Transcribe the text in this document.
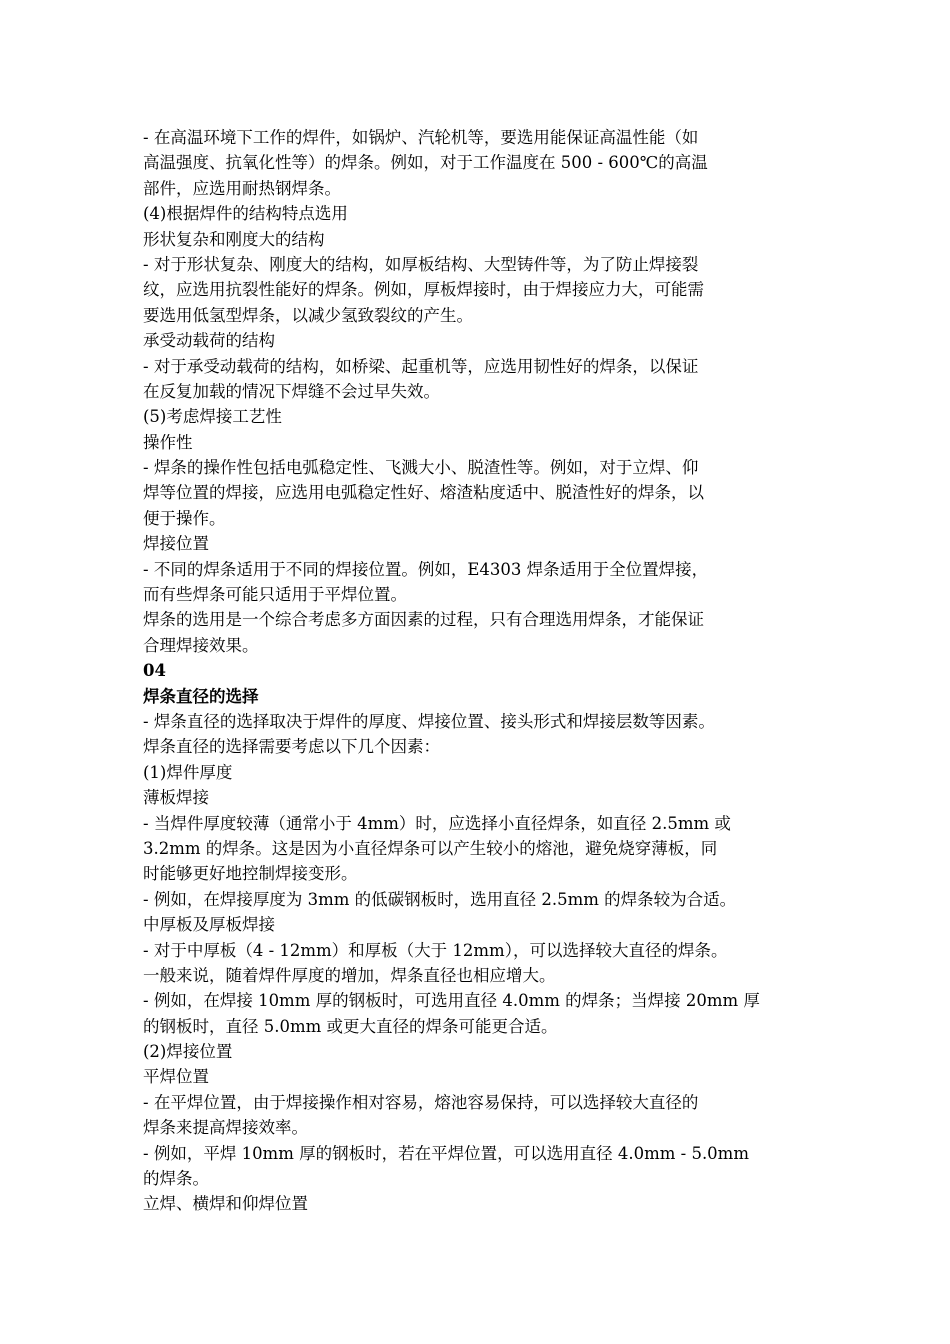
- 在高温环境下工作的焊件，如锅炉、汽轮机等，要选用能保证高温性能（如
高温强度、抗氧化性等）的焊条。例如，对于工作温度在 500 - 600℃的高温
部件，应选用耐热钢焊条。
(4)根据焊件的结构特点选用
形状复杂和刚度大的结构
- 对于形状复杂、刚度大的结构，如厚板结构、大型铸件等，为了防止焊接裂
纹，应选用抗裂性能好的焊条。例如，厚板焊接时，由于焊接应力大，可能需
要选用低氢型焊条，以减少氢致裂纹的产生。
承受动载荷的结构
- 对于承受动载荷的结构，如桥梁、起重机等，应选用韧性好的焊条，以保证
在反复加载的情况下焊缝不会过早失效。
(5)考虑焊接工艺性
操作性
- 焊条的操作性包括电弧稳定性、飞溅大小、脱渣性等。例如，对于立焊、仰
焊等位置的焊接，应选用电弧稳定性好、熔渣粘度适中、脱渣性好的焊条，以
便于操作。
焊接位置
- 不同的焊条适用于不同的焊接位置。例如，E4303 焊条适用于全位置焊接，
而有些焊条可能只适用于平焊位置。
焊条的选用是一个综合考虑多方面因素的过程，只有合理选用焊条，才能保证
合理焊接效果。
04
焊条直径的选择
- 焊条直径的选择取决于焊件的厚度、焊接位置、接头形式和焊接层数等因素。
焊条直径的选择需要考虑以下几个因素：
(1)焊件厚度
薄板焊接
- 当焊件厚度较薄（通常小于 4mm）时，应选择小直径焊条，如直径 2.5mm 或
3.2mm 的焊条。这是因为小直径焊条可以产生较小的熔池，避免烧穿薄板，同
时能够更好地控制焊接变形。
- 例如，在焊接厚度为 3mm 的低碳钢板时，选用直径 2.5mm 的焊条较为合适。
中厚板及厚板焊接
- 对于中厚板（4 - 12mm）和厚板（大于 12mm），可以选择较大直径的焊条。
一般来说，随着焊件厚度的增加，焊条直径也相应增大。
- 例如，在焊接 10mm 厚的钢板时，可选用直径 4.0mm 的焊条；当焊接 20mm 厚
的钢板时，直径 5.0mm 或更大直径的焊条可能更合适。
(2)焊接位置
平焊位置
- 在平焊位置，由于焊接操作相对容易，熔池容易保持，可以选择较大直径的
焊条来提高焊接效率。
- 例如，平焊 10mm 厚的钢板时，若在平焊位置，可以选用直径 4.0mm - 5.0mm
的焊条。
立焊、横焊和仰焊位置
